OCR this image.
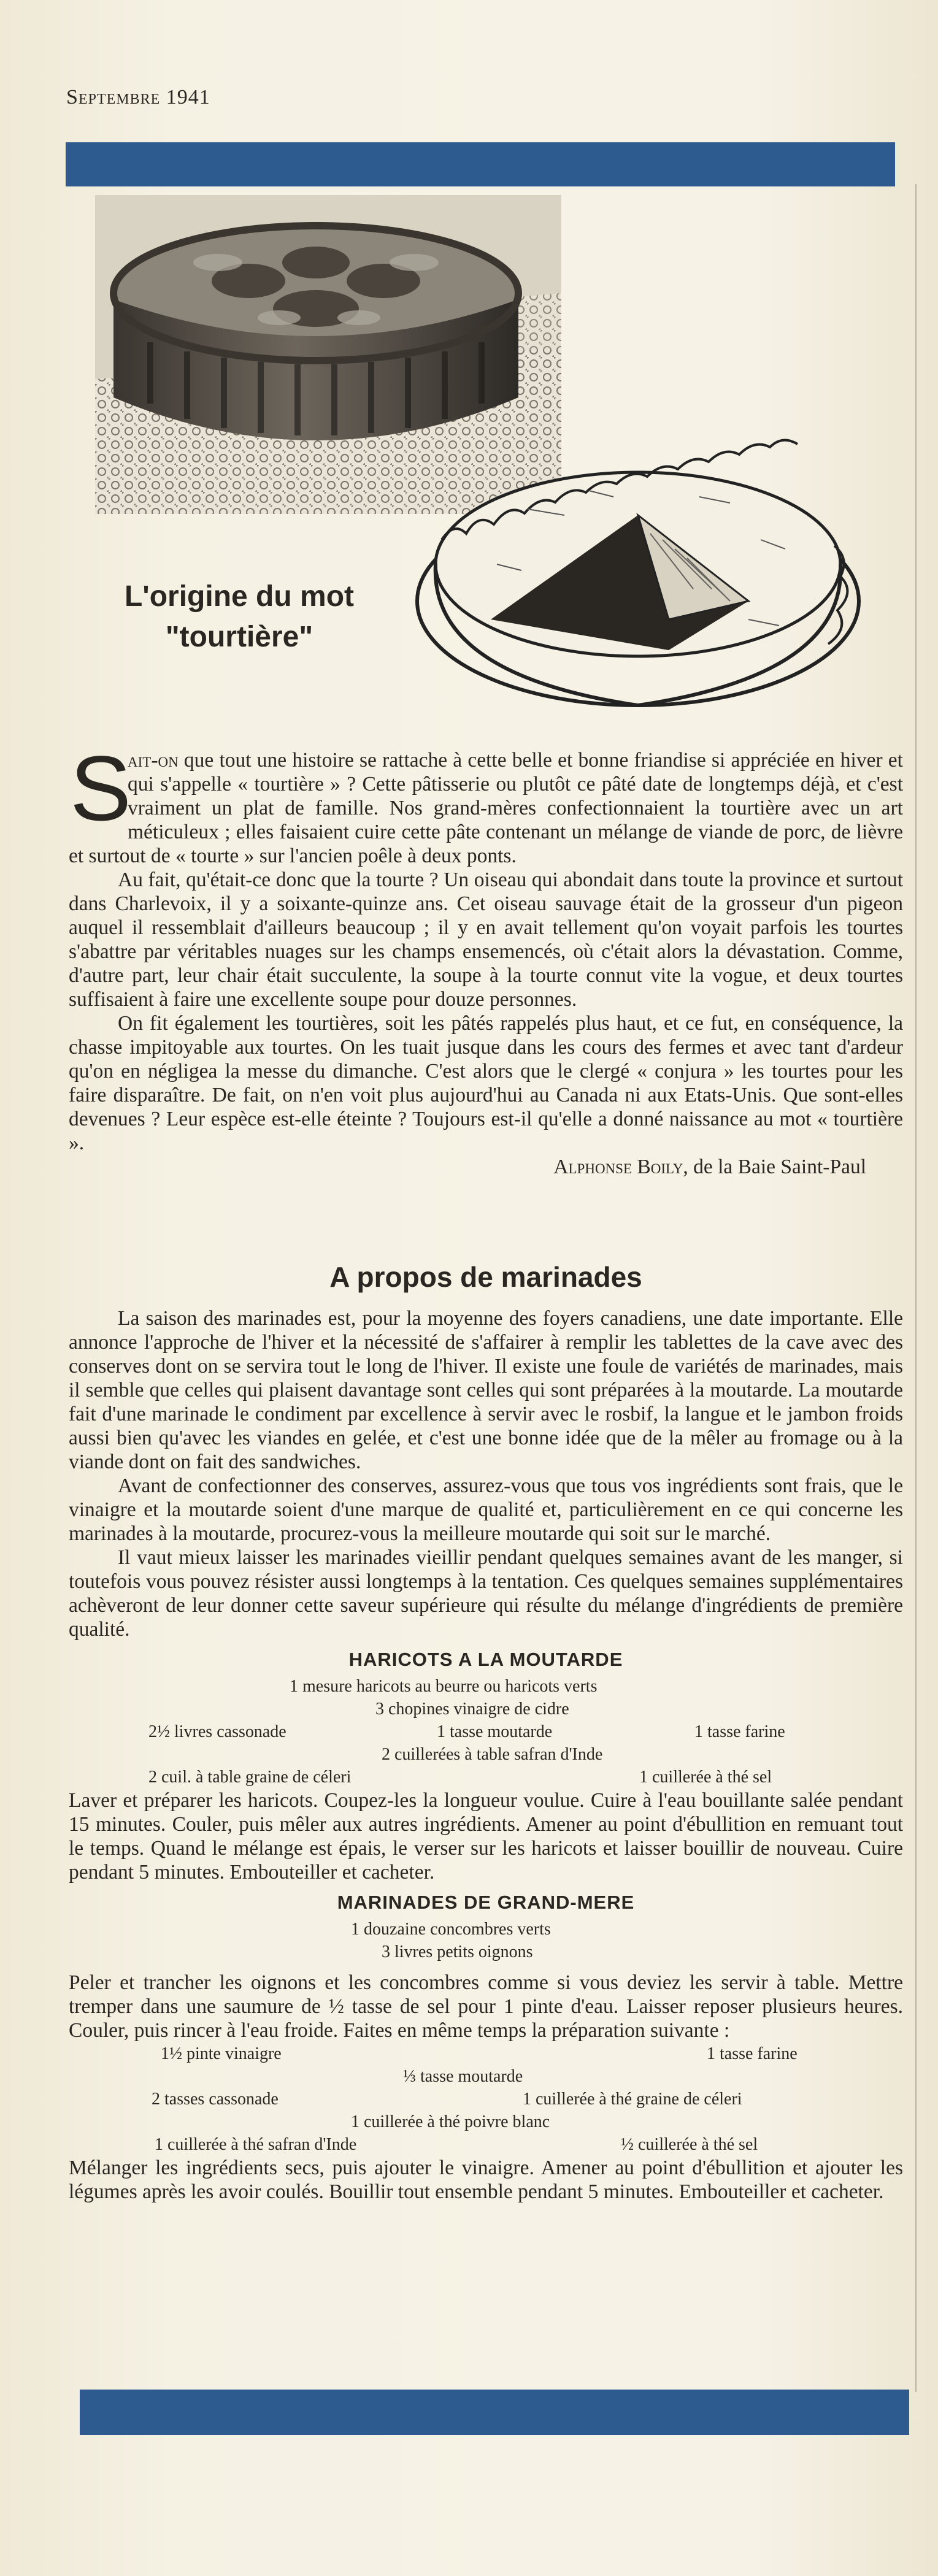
Septembre 1941
L'origine du mot
"tourtière"

S
ait-on que tout une histoire se rattache à cette belle et bonne friandise si appréciée en hiver et qui s'appelle « tourtière » ? Cette pâtisserie ou plutôt ce pâté date de longtemps déjà, et c'est vraiment un plat de famille. Nos grand-mères confectionnaient la tourtière avec un art méticuleux ; elles faisaient cuire cette pâte contenant un mélange de viande de porc, de lièvre et surtout de « tourte » sur l'ancien poêle à deux ponts.

Au fait, qu'était-ce donc que la tourte ? Un oiseau qui abondait dans toute la province et surtout dans Charlevoix, il y a soixante-quinze ans. Cet oiseau sauvage était de la grosseur d'un pigeon auquel il ressemblait d'ailleurs beaucoup ; il y en avait tellement qu'on voyait parfois les tourtes s'abattre par véritables nuages sur les champs ensemencés, où c'était alors la dévastation. Comme, d'autre part, leur chair était succulente, la soupe à la tourte connut vite la vogue, et deux tourtes suffisaient à faire une excellente soupe pour douze personnes.

On fit également les tourtières, soit les pâtés rappelés plus haut, et ce fut, en conséquence, la chasse impitoyable aux tourtes. On les tuait jusque dans les cours des fermes et avec tant d'ardeur qu'on en négligea la messe du dimanche. C'est alors que le clergé « conjura » les tourtes pour les faire disparaître. De fait, on n'en voit plus aujourd'hui au Canada ni aux Etats-Unis. Que sont-elles devenues ? Leur espèce est-elle éteinte ? Toujours est-il qu'elle a donné naissance au mot « tourtière ».

Alphonse Boily, de la Baie Saint-Paul

A propos de marinades

La saison des marinades est, pour la moyenne des foyers canadiens, une date importante. Elle annonce l'approche de l'hiver et la nécessité de s'affairer à remplir les tablettes de la cave avec des conserves dont on se servira tout le long de l'hiver. Il existe une foule de variétés de marinades, mais il semble que celles qui plaisent davantage sont celles qui sont préparées à la moutarde. La moutarde fait d'une marinade le condiment par excellence à servir avec le rosbif, la langue et le jambon froids aussi bien qu'avec les viandes en gelée, et c'est une bonne idée que de la mêler au fromage ou à la viande dont on fait des sandwiches.

Avant de confectionner des conserves, assurez-vous que tous vos ingrédients sont frais, que le vinaigre et la moutarde soient d'une marque de qualité et, particulièrement en ce qui concerne les marinades à la moutarde, procurez-vous la meilleure moutarde qui soit sur le marché.

Il vaut mieux laisser les marinades vieillir pendant quelques semaines avant de les manger, si toutefois vous pouvez résister aussi longtemps à la tentation. Ces quelques semaines supplémentaires achèveront de leur donner cette saveur supérieure qui résulte du mélange d'ingrédients de première qualité.

HARICOTS A LA MOUTARDE
1 mesure haricots au beurre ou haricots verts
3 chopines vinaigre de cidre
2½ livres cassonade	1 tasse moutarde	1 tasse farine
2 cuillerées à table safran d'Inde
2 cuil. à table graine de céleri	1 cuillerée à thé sel

Laver et préparer les haricots. Coupez-les la longueur voulue. Cuire à l'eau bouillante salée pendant 15 minutes. Couler, puis mêler aux autres ingrédients. Amener au point d'ébullition en remuant tout le temps. Quand le mélange est épais, le verser sur les haricots et laisser bouillir de nouveau. Cuire pendant 5 minutes. Embouteiller et cacheter.

MARINADES DE GRAND-MERE
1 douzaine concombres verts
3 livres petits oignons

Peler et trancher les oignons et les concombres comme si vous deviez les servir à table. Mettre tremper dans une saumure de ½ tasse de sel pour 1 pinte d'eau. Laisser reposer plusieurs heures. Couler, puis rincer à l'eau froide. Faites en même temps la préparation suivante :

1½ pinte vinaigre	1 tasse farine
⅓ tasse moutarde
2 tasses cassonade	1 cuillerée à thé graine de céleri
1 cuillerée à thé poivre blanc
1 cuillerée à thé safran d'Inde	½ cuillerée à thé sel

Mélanger les ingrédients secs, puis ajouter le vinaigre. Amener au point d'ébullition et ajouter les légumes après les avoir coulés. Bouillir tout ensemble pendant 5 minutes. Embouteiller et cacheter.
